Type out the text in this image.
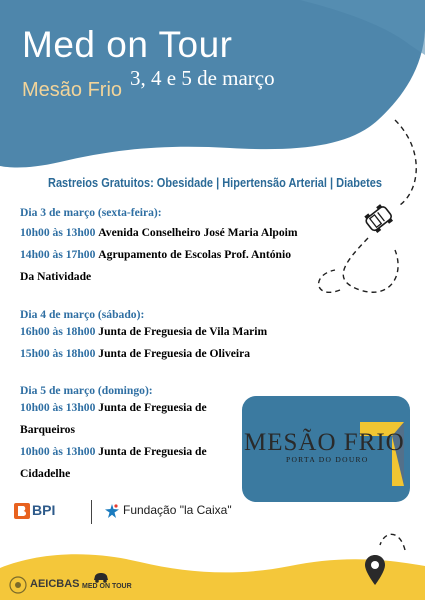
Med on Tour
Mesão Frio 3, 4 e 5 de março
Rastreios Gratuitos: Obesidade | Hipertensão Arterial | Diabetes
Dia 3 de março (sexta-feira):
10h00 às 13h00 Avenida Conselheiro José Maria Alpoim
14h00 às 17h00 Agrupamento de Escolas Prof. António
Da Natividade
Dia 4 de março (sábado):
16h00 às 18h00 Junta de Freguesia de Vila Marim
15h00 às 18h00 Junta de Freguesia de Oliveira
Dia 5 de março (domingo):
10h00 às 13h00 Junta de Freguesia de
Barqueiros
10h00 às 13h00 Junta de Freguesia de
Cidadelhe
MESÃO FRIO
PORTA DO DOURO
BPI	Fundação "la Caixa"
AEICBAS MED ON TOUR
